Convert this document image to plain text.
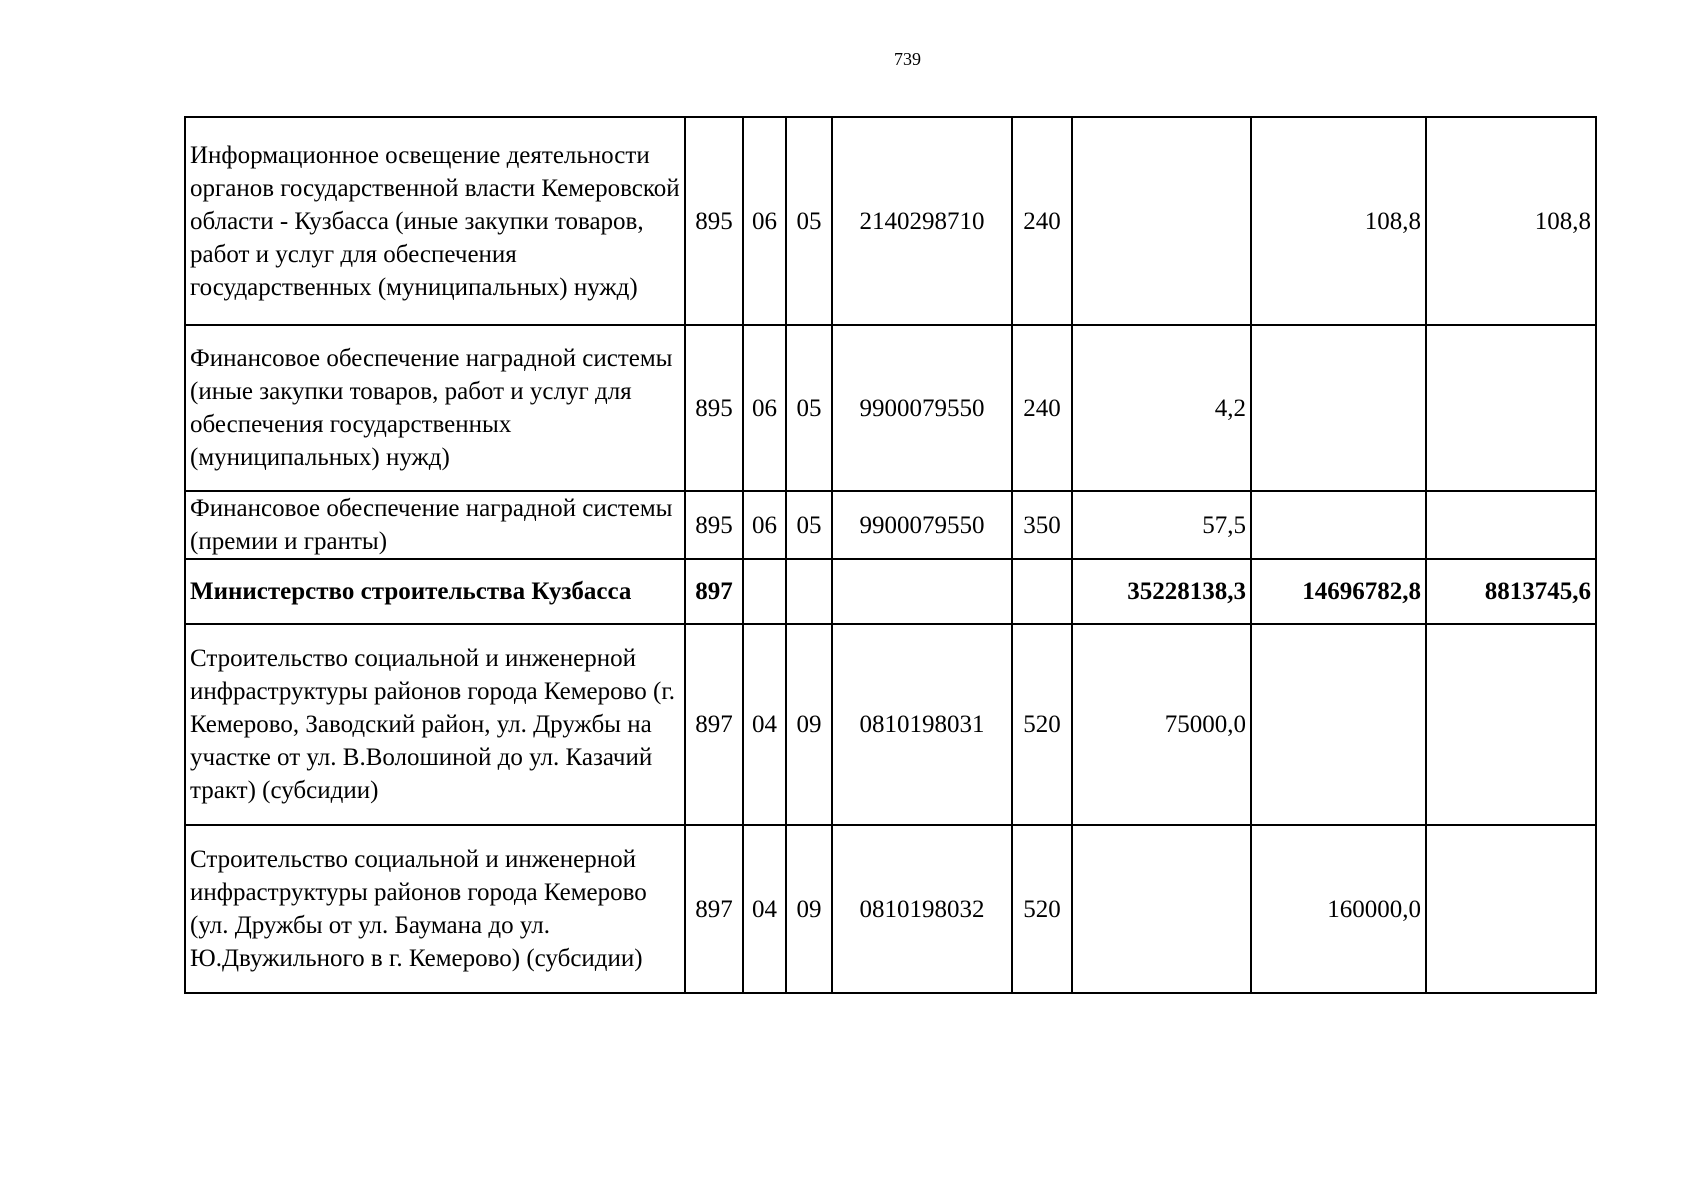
739
Информационное освещение деятельности органов государственной власти Кемеровской области - Кузбасса (иные закупки товаров, работ и услуг для обеспечения государственных (муниципальных) нужд)	895	06	05	2140298710	240		108,8	108,8
Финансовое обеспечение наградной системы (иные закупки товаров, работ и услуг для обеспечения государственных (муниципальных) нужд)	895	06	05	9900079550	240	4,2		
Финансовое обеспечение наградной системы (премии и гранты)	895	06	05	9900079550	350	57,5		
Министерство строительства Кузбасса	897					35228138,3	14696782,8	8813745,6
Строительство социальной и инженерной инфраструктуры районов города Кемерово (г. Кемерово, Заводский район, ул. Дружбы на участке от ул. В.Волошиной до ул. Казачий тракт) (субсидии)	897	04	09	0810198031	520	75000,0		
Строительство социальной и инженерной инфраструктуры районов города Кемерово (ул. Дружбы от ул. Баумана до ул. Ю.Двужильного в г. Кемерово) (субсидии)	897	04	09	0810198032	520		160000,0	
